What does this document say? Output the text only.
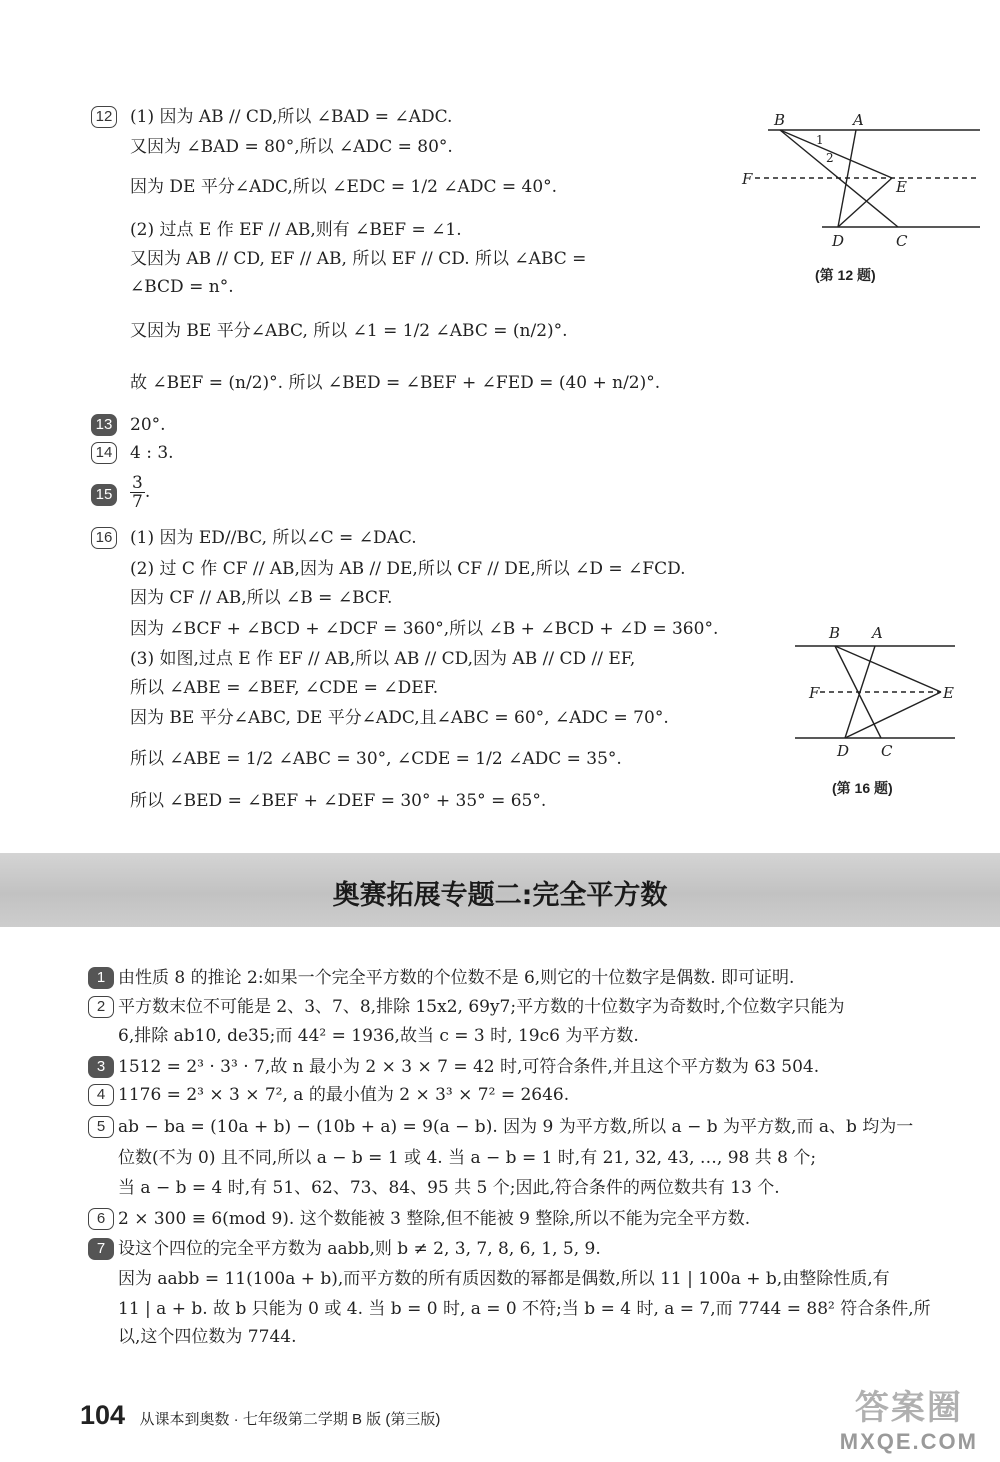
12 (1) 因为 AB // CD,所以 ∠BAD = ∠ADC.
又因为 ∠BAD = 80°,所以 ∠ADC = 80°.
因为 DE 平分∠ADC,所以 ∠EDC = 1/2 ∠ADC = 40°.
(2) 过点 E 作 EF // AB,则有 ∠BEF = ∠1.
又因为 AB // CD, EF // AB, 所以 EF // CD. 所以 ∠ABC =
∠BCD = n°.
又因为 BE 平分∠ABC, 所以 ∠1 = 1/2 ∠ABC = (n/2)°.
故 ∠BEF = (n/2)°. 所以 ∠BED = ∠BEF + ∠FED = (40 + n/2)°.
B	A
1
2
F	E
D	C
(第 12 题)
13 20°.
14 4 : 3.
$15 \frac{3}{7}$ .
16 (1) 因为 ED//BC, 所以∠C = ∠DAC.
(2) 过 C 作 CF // AB,因为 AB // DE,所以 CF // DE,所以 ∠D = ∠FCD.
因为 CF // AB,所以 ∠B = ∠BCF.
因为 ∠BCF + ∠BCD + ∠DCF = 360°,所以 ∠B + ∠BCD + ∠D = 360°.
(3) 如图,过点 E 作 EF // AB,所以 AB // CD,因为 AB // CD // EF,
所以 ∠ABE = ∠BEF, ∠CDE = ∠DEF.
因为 BE 平分∠ABC, DE 平分∠ADC,且∠ABC = 60°, ∠ADC = 70°.
所以 ∠ABE = 1/2 ∠ABC = 30°, ∠CDE = 1/2 ∠ADC = 35°.
所以 ∠BED = ∠BEF + ∠DEF = 30° + 35° = 65°.
B A
F	E
D C
(第 16 题)
奥赛拓展专题二:完全平方数
1 由性质 8 的推论 2:如果一个完全平方数的个位数不是 6,则它的十位数字是偶数. 即可证明.
2 平方数末位不可能是 2、3、7、8,排除 15x2, 69y7;平方数的十位数字为奇数时,个位数字只能为
6,排除 ab10, de35;而 44² = 1936,故当 c = 3 时, 19c6 为平方数.
3 1512 = 2³ · 3³ · 7,故 n 最小为 2 × 3 × 7 = 42 时,可符合条件,并且这个平方数为 63 504.
4 1176 = 2³ × 3 × 7², a 的最小值为 2 × 3³ × 7² = 2646.
5 ab − ba = (10a + b) − (10b + a) = 9(a − b). 因为 9 为平方数,所以 a − b 为平方数,而 a、b 均为一
位数(不为 0) 且不同,所以 a − b = 1 或 4. 当 a − b = 1 时,有 21, 32, 43, …, 98 共 8 个;
当 a − b = 4 时,有 51、62、73、84、95 共 5 个;因此,符合条件的两位数共有 13 个.
6 2 × 300 ≡ 6(mod 9). 这个数能被 3 整除,但不能被 9 整除,所以不能为完全平方数.
7 设这个四位的完全平方数为 aabb,则 b ≠ 2, 3, 7, 8, 6, 1, 5, 9.
因为 aabb = 11(100a + b),而平方数的所有质因数的幂都是偶数,所以 11 | 100a + b,由整除性质,有
11 | a + b. 故 b 只能为 0 或 4. 当 b = 0 时, a = 0 不符;当 b = 4 时, a = 7,而 7744 = 88² 符合条件,所
以,这个四位数为 7744.
104 从课本到奥数 · 七年级第二学期 B 版 (第三版)	答案圈
MXQE.COM
